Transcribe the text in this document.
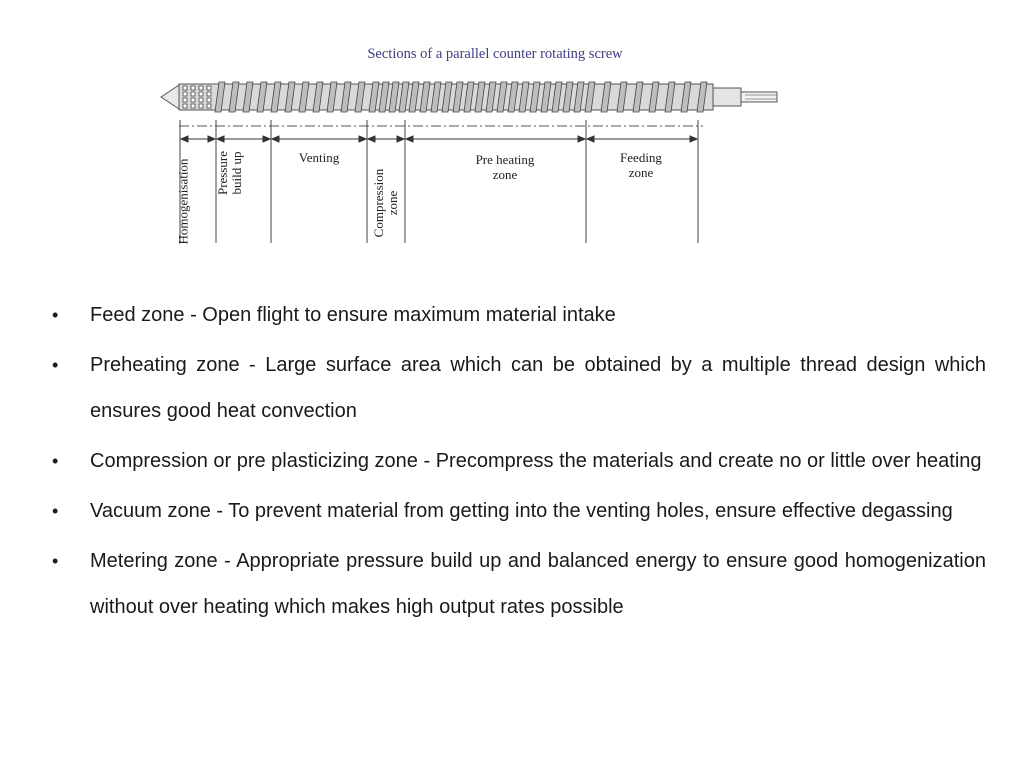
Sections of a parallel counter rotating screw
Homogenisation Pressure build up	Venting
Compression zone
Pre heating
zone
Feeding
zone
• Feed zone - Open flight to ensure maximum material intake
• Preheating zone - Large surface area which can be obtained by a multiple thread design which ensures good heat convection
• Compression or pre plasticizing zone - Precompress the materials and create no or little over heating
• Vacuum zone - To prevent material from getting into the venting holes, ensure effective degassing
• Metering zone - Appropriate pressure build up and balanced energy to ensure good homogenization without over heating which makes high output rates possible
